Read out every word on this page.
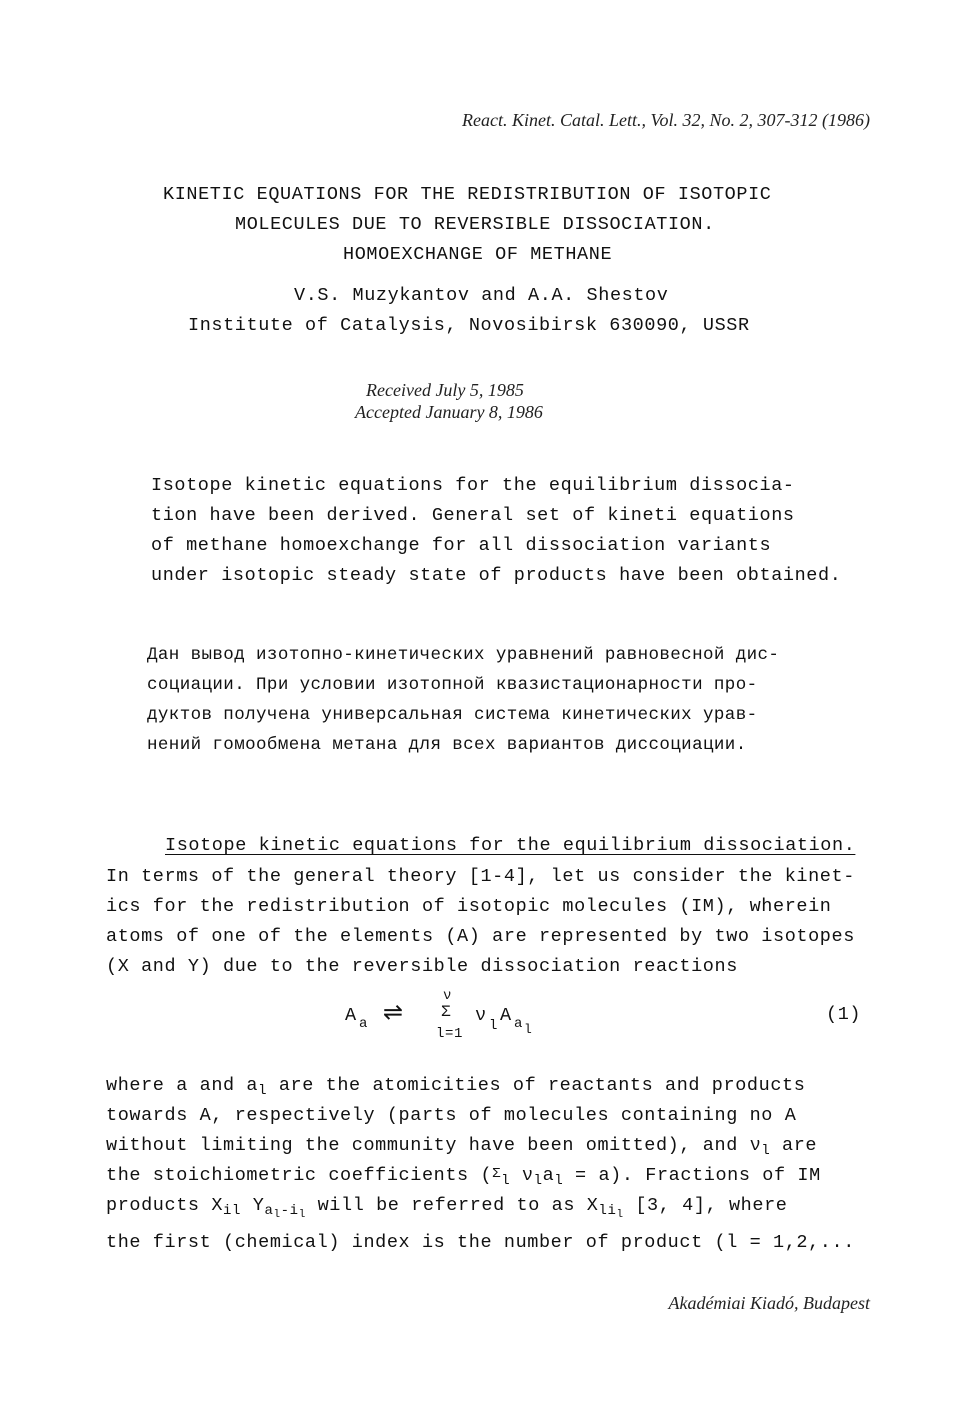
React. Kinet. Catal. Lett., Vol. 32, No. 2, 307-312 (1986)
KINETIC EQUATIONS FOR THE REDISTRIBUTION OF ISOTOPIC
MOLECULES DUE TO REVERSIBLE DISSOCIATION.
HOMOEXCHANGE OF METHANE
V.S. Muzykantov and A.A. Shestov
Institute of Catalysis, Novosibirsk 630090, USSR
Received July 5, 1985
Accepted January 8, 1986
Isotope kinetic equations for the equilibrium dissocia-
tion have been derived. General set of kineti equations
of methane homoexchange for all dissociation variants
under isotopic steady state of products have been obtained.
Дан вывод изотопно-кинетических уравнений равновесной дис-
социации. При условии изотопной квазистационарности про-
дуктов получена универсальная система кинетических урав-
нений гомообмена метана для всех вариантов диссоциации.
Isotope kinetic equations for the equilibrium dissociation.
In terms of the general theory [1-4], let us consider the kinet-
ics for the redistribution of isotopic molecules (IM), wherein
atoms of one of the elements (A) are represented by two isotopes
(X and Y) due to the reversible dissociation reactions
A a ⇌
ν
Σ
l=1
ν l A a l
(1)
where a and $a_l$ are the atomicities of reactants and products
towards A, respectively (parts of molecules containing no A
without limiting the community have been omitted), and $\nu_l$ are
the stoichiometric coefficients ($\Sigma_l$ $\nu_la_l = a$). Fractions of IM
products $X_{il}$ $Y_{a_l-i_l}$ will be referred to as $X_{li_l}$ [3, 4], where
the first (chemical) index is the number of product (l = 1,2,...
Akadémiai Kiadó, Budapest
